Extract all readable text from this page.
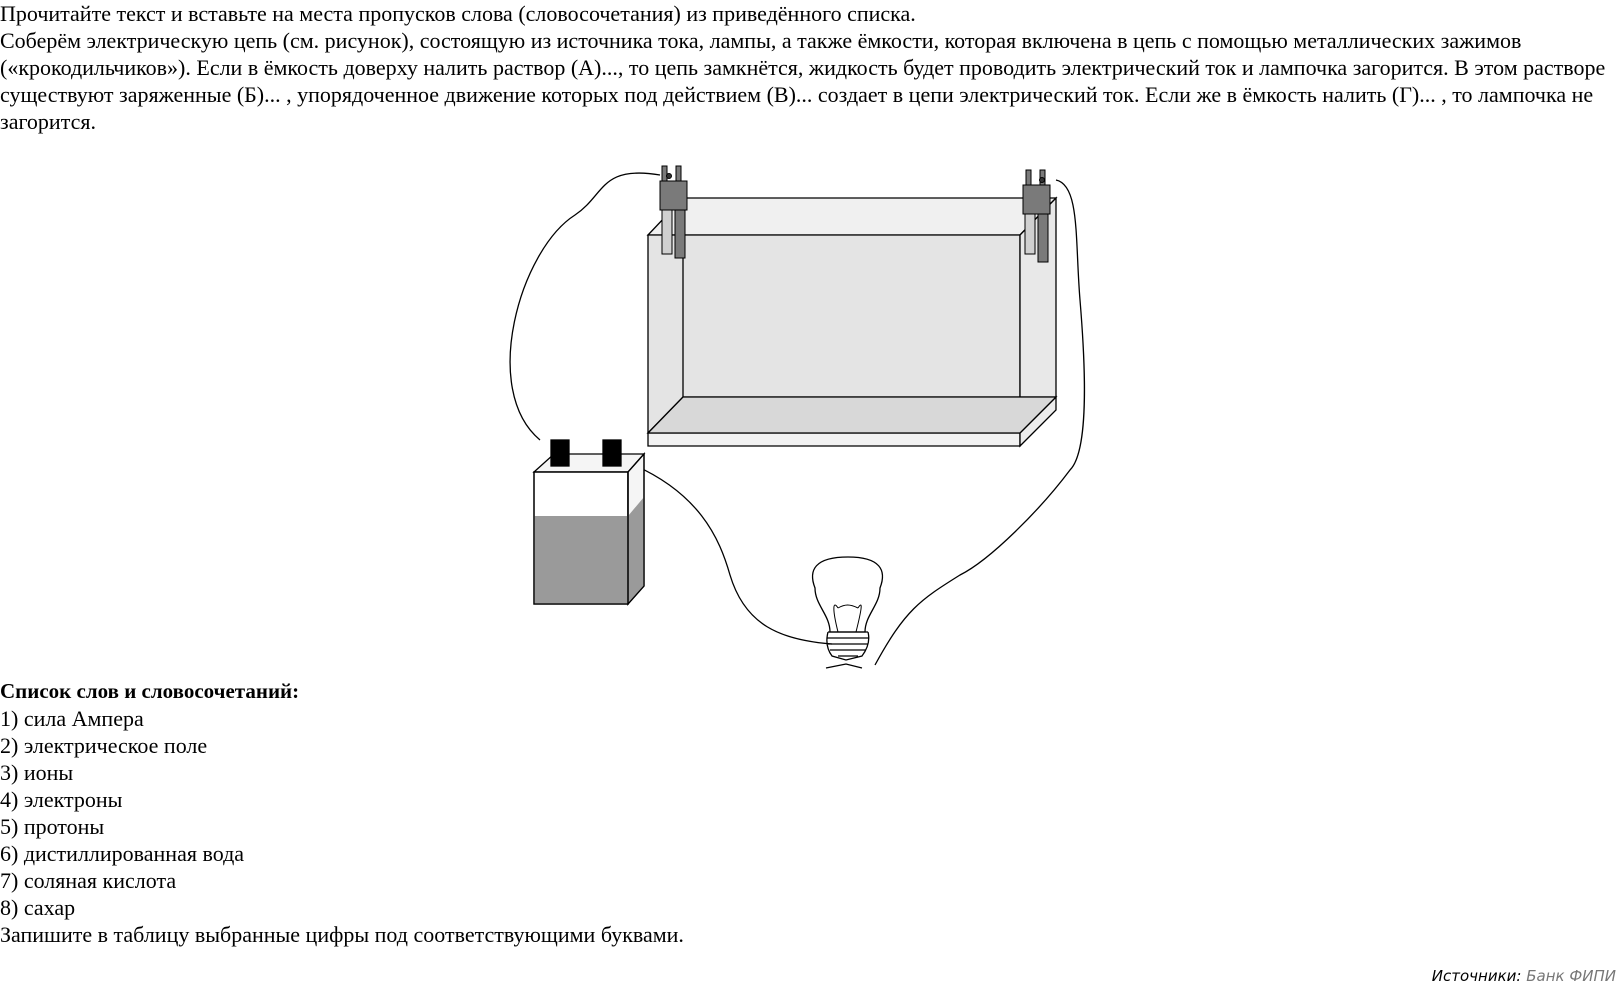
Прочитайте текст и вставьте на места пропусков слова (словосочетания) из приведённого списка.

Соберём электрическую цепь (см. рисунок), состоящую из источника тока, лампы, а также ёмкости, которая включена в цепь с помощью металлических зажимов («крокодильчиков»). Если в ёмкость доверху налить раствор (А)..., то цепь замкнётся, жидкость будет проводить электрический ток и лампочка загорится. В этом растворе существуют заряженные (Б)... , упорядоченное движение которых под действием (В)... создает в цепи электрический ток. Если же в ёмкость налить (Г)... , то лампочка не загорится.

Список слов и словосочетаний:
1) сила Ампера
2) электрическое поле
3) ионы
4) электроны
5) протоны
6) дистиллированная вода
7) соляная кислота
8) сахар
Запишите в таблицу выбранные цифры под соответствующими буквами.
Источники: Банк ФИПИ
